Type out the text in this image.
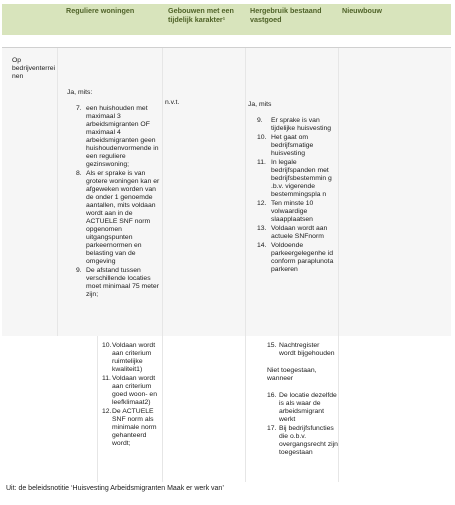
Reguliere woningen	Gebouwen met een tijdelijk karakter¹
Hergebruik bestaand vastgoed
Nieuwbouw
Op bedrijventerrei nen
Ja, mits:
7. een huishouden met maximaal 3 arbeidsmigranten OF maximaal 4 arbeidsmigranten geen huishoudenvormende in een reguliere gezinswoning;
8. Als er sprake is van grotere woningen kan er afgeweken worden van de onder 1 genoemde aantallen, mits voldaan wordt aan in de ACTUELE SNF norm opgenomen uitgangspunten parkeernormen en belasting van de omgeving
9. De afstand tussen verschillende locaties moet minimaal 75 meter zijn;
n.v.t.	Ja, mits
9. Er sprake is van tijdelijke huisvesting
10. Het gaat om bedrijfsmatige huisvesting
11. In legale bedrijfspanden met bedrijfsbestemmin g .b.v. vigerende bestemmingspla n
12. Ten minste 10 volwaardige slaapplaatsen
13. Voldaan wordt aan actuele SNFnorm
14. Voldoende parkeergelegenhe id conform paraplunota parkeren
10. Voldaan wordt aan criterium ruimtelijke kwaliteit1)
11. Voldaan wordt aan criterium goed woon- en leefklimaat2)
12. De ACTUELE SNF norm als minimale norm gehanteerd wordt;
15. Nachtregister wordt bijgehouden
Niet toegestaan, wanneer
16. De locatie dezelfde is als waar de arbeidsmigrant werkt
17. Bij bedrijfsfuncties die o.b.v. overgangsrecht zijn toegestaan
Uit: de beleidsnotitie ‘Huisvesting Arbeidsmigranten Maak er werk van’
